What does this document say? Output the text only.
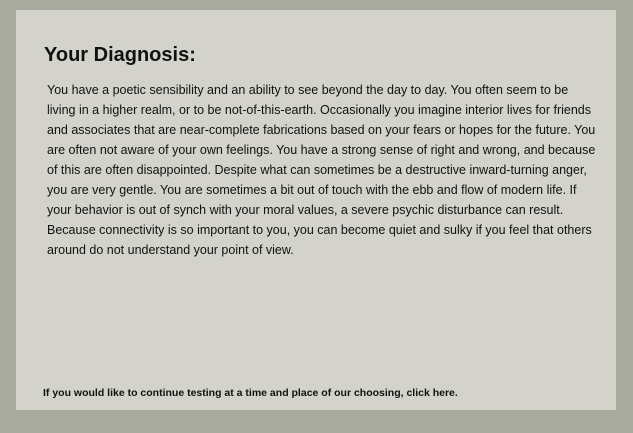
Your Diagnosis:

You have a poetic sensibility and an ability to see beyond the day to day. You often seem to be living in a higher realm, or to be not-of-this-earth. Occasionally you imagine interior lives for friends and associates that are near-complete fabrications based on your fears or hopes for the future. You are often not aware of your own feelings. You have a strong sense of right and wrong, and because of this are often disappointed. Despite what can sometimes be a destructive inward-turning anger, you are very gentle. You are sometimes a bit out of touch with the ebb and flow of modern life. If your behavior is out of synch with your moral values, a severe psychic disturbance can result. Because connectivity is so important to you, you can become quiet and sulky if you feel that others around do not understand your point of view.

If you would like to continue testing at a time and place of our choosing, click here.
